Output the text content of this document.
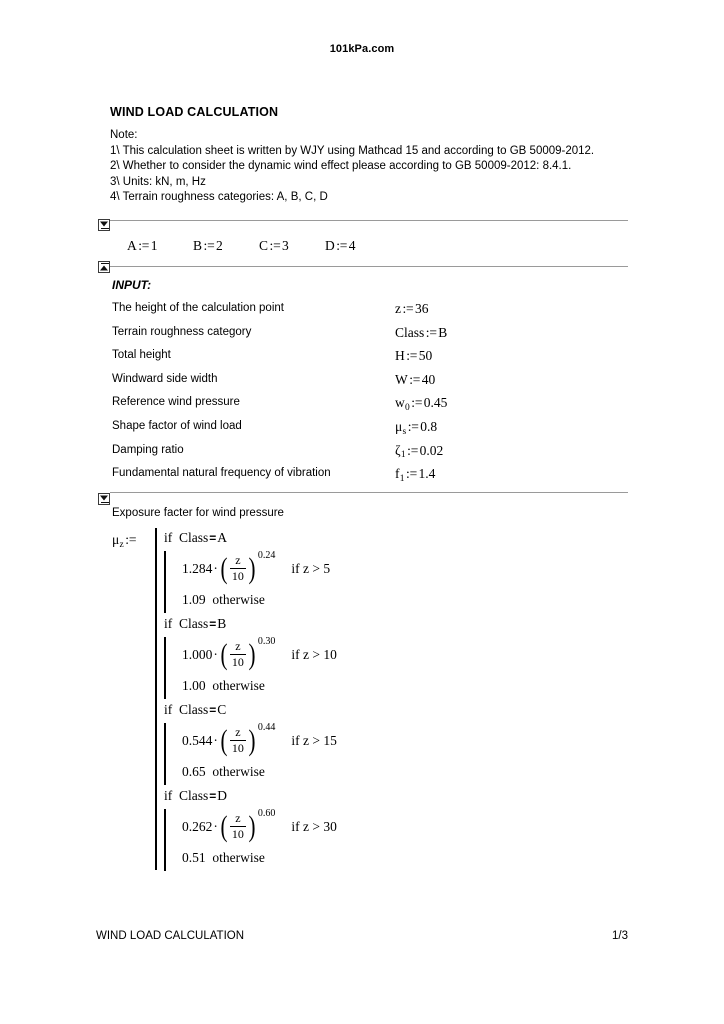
101kPa.com
WIND LOAD CALCULATION
Note:
1\ This calculation sheet is written by WJY using Mathcad 15 and according to GB 50009-2012.
2\ Whether to consider the dynamic wind effect please according to GB 50009-2012: 8.4.1.
3\ Units: kN, m, Hz
4\ Terrain roughness categories: A, B, C, D
A := 1	B := 2	C := 3	D := 4
INPUT:
The height of the calculation point	z := 36
Terrain roughness category	Class := B
Total height	H := 50
Windward side width	W := 40
Reference wind pressure	$w_0$ := 0.45
Shape factor of wind load	$\mu_s$ := 0.8
Damping ratio	$\zeta_1$ := 0.02
Fundamental natural frequency of vibration	$f_1$ := 1.4
Exposure facter for wind pressure
$\mu_z$ :=	if Class=A
1.284 · ( $\frac{z}{10}$ ) 0.24
if z > 5
1.09 otherwise
if Class=B
1.000 · ( $\frac{z}{10}$ ) 0.30
if z > 10
1.00 otherwise
if Class=C
0.544 · ( $\frac{z}{10}$ ) 0.44
if z > 15
0.65 otherwise
if Class=D
0.262 · ( $\frac{z}{10}$ ) 0.60
if z > 30
0.51 otherwise
WIND LOAD CALCULATION	1/3
